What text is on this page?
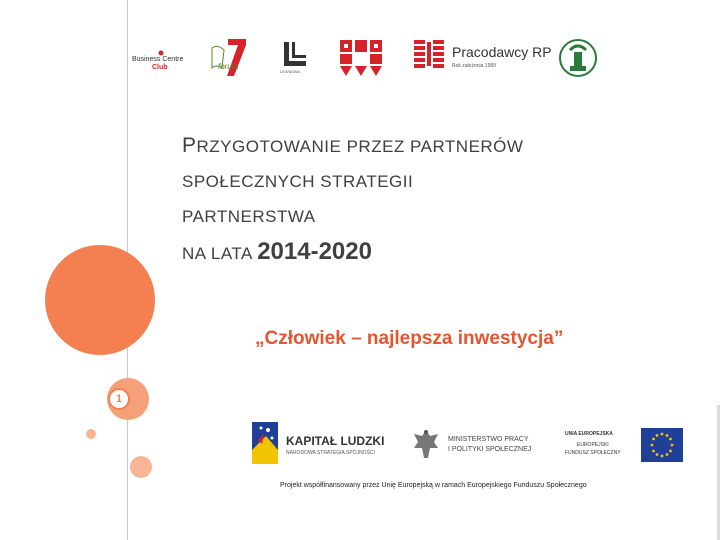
1
Business Centre
Club	forum
LEWIATAN
Pracodawcy RP
Rok założenia 1989
PRZYGOTOWANIE PRZEZ PARTNERÓW
SPOŁECZNYCH STRATEGII
PARTNERSTWA
NA LATA 2014-2020
„Człowiek – najlepsza inwestycja”
KAPITAŁ LUDZKI
NARODOWA STRATEGIA SPÓJNOŚCI
MINISTERSTWO PRACY
I POLITYKI SPOŁECZNEJ
UNIA EUROPEJSKA
EUROPEJSKI
FUNDUSZ SPOŁECZNY
Projekt współfinansowany przez Unię Europejską w ramach Europejskiego Funduszu Społecznego
